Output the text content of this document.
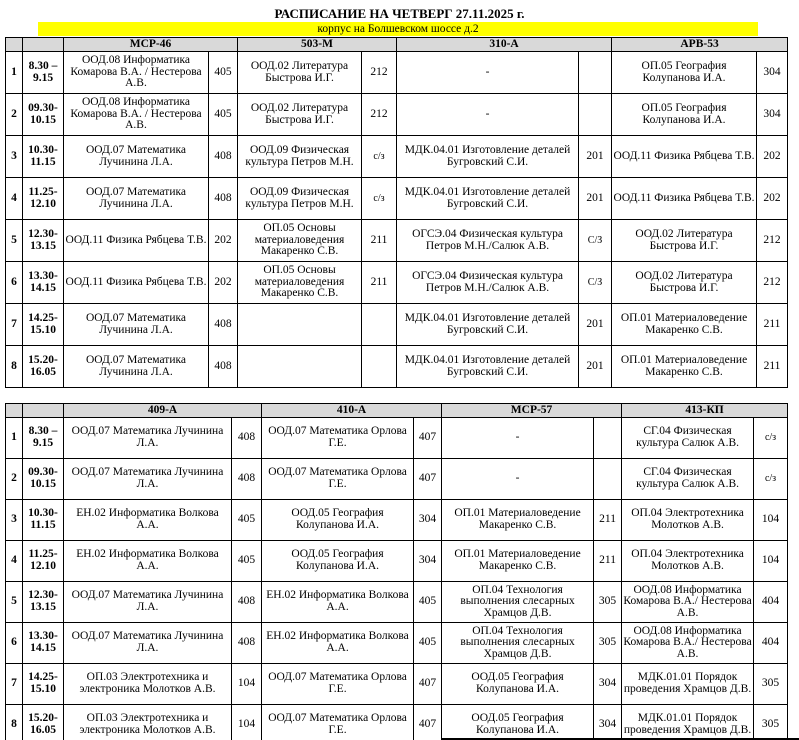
РАСПИСАНИЕ НА ЧЕТВЕРГ 27.11.2025 г.
корпус на Болшевском шоссе д.2
		МСР-46		503-М		310-А		АРВ-53	
1	8.30 – 9.15	ООД.08 Информатика Комарова В.А. / Нестерова А.В.	405	ООД.02 Литература Быстрова И.Г.	212	-		ОП.05 География Колупанова И.А.	304
2	09.30- 10.15	ООД.08 Информатика Комарова В.А. / Нестерова А.В.	405	ООД.02 Литература Быстрова И.Г.	212	-		ОП.05 География Колупанова И.А.	304
3	10.30- 11.15	ООД.07 Математика Лучинина Л.А.	408	ООД.09 Физическая культура Петров М.Н.	с/з	МДК.04.01 Изготовление деталей Бугровский С.И.	201	ООД.11 Физика Рябцева Т.В.	202
4	11.25- 12.10	ООД.07 Математика Лучинина Л.А.	408	ООД.09 Физическая культура Петров М.Н.	с/з	МДК.04.01 Изготовление деталей Бугровский С.И.	201	ООД.11 Физика Рябцева Т.В.	202
5	12.30- 13.15	ООД.11 Физика Рябцева Т.В.	202	ОП.05 Основы материаловедения Макаренко С.В.	211	ОГСЭ.04 Физическая культура Петров М.Н./Салюк А.В.	С/З	ООД.02 Литература Быстрова И.Г.	212
6	13.30- 14.15	ООД.11 Физика Рябцева Т.В.	202	ОП.05 Основы материаловедения Макаренко С.В.	211	ОГСЭ.04 Физическая культура Петров М.Н./Салюк А.В.	С/З	ООД.02 Литература Быстрова И.Г.	212
7	14.25- 15.10	ООД.07 Математика Лучинина Л.А.	408			МДК.04.01 Изготовление деталей Бугровский С.И.	201	ОП.01 Материаловедение Макаренко С.В.	211
8	15.20- 16.05	ООД.07 Математика Лучинина Л.А.	408			МДК.04.01 Изготовление деталей Бугровский С.И.	201	ОП.01 Материаловедение Макаренко С.В.	211
		409-А		410-А		МСР-57		413-КП	
1	8.30 – 9.15	ООД.07 Математика Лучинина Л.А.	408	ООД.07 Математика Орлова Г.Е.	407	-		СГ.04 Физическая культура Салюк А.В.	с/з
2	09.30- 10.15	ООД.07 Математика Лучинина Л.А.	408	ООД.07 Математика Орлова Г.Е.	407	-		СГ.04 Физическая культура Салюк А.В.	с/з
3	10.30- 11.15	ЕН.02 Информатика Волкова А.А.	405	ООД.05 География Колупанова И.А.	304	ОП.01 Материаловедение Макаренко С.В.	211	ОП.04 Электротехника Молотков А.В.	104
4	11.25- 12.10	ЕН.02 Информатика Волкова А.А.	405	ООД.05 География Колупанова И.А.	304	ОП.01 Материаловедение Макаренко С.В.	211	ОП.04 Электротехника Молотков А.В.	104
5	12.30- 13.15	ООД.07 Математика Лучинина Л.А.	408	ЕН.02 Информатика Волкова А.А.	405	ОП.04 Технология выполнения слесарных Храмцов Д.В.	305	ООД.08 Информатика Комарова В.А./ Нестерова А.В.	404
6	13.30- 14.15	ООД.07 Математика Лучинина Л.А.	408	ЕН.02 Информатика Волкова А.А.	405	ОП.04 Технология выполнения слесарных Храмцов Д.В.	305	ООД.08 Информатика Комарова В.А./ Нестерова А.В.	404
7	14.25- 15.10	ОП.03 Электротехника и электроника Молотков А.В.	104	ООД.07 Математика Орлова Г.Е.	407	ООД.05 География Колупанова И.А.	304	МДК.01.01 Порядок проведения Храмцов Д.В.	305
8	15.20- 16.05	ОП.03 Электротехника и электроника Молотков А.В.	104	ООД.07 Математика Орлова Г.Е.	407	ООД.05 География Колупанова И.А.	304	МДК.01.01 Порядок проведения Храмцов Д.В.	305
